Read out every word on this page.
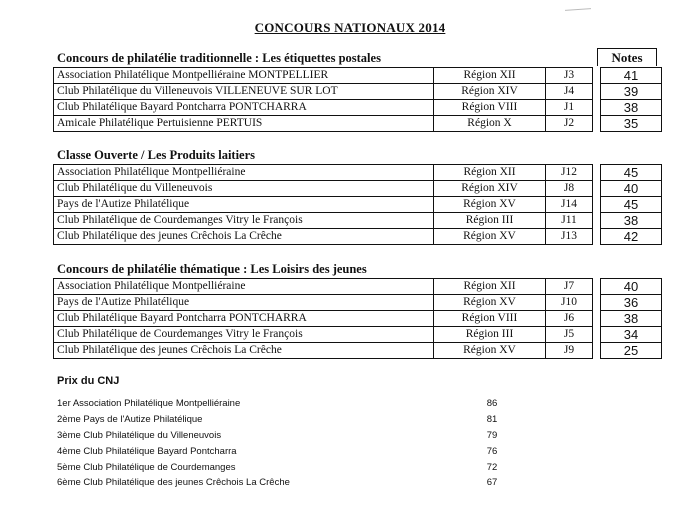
CONCOURS NATIONAUX 2014
Notes
Concours de philatélie traditionnelle : Les étiquettes postales
Association Philatélique Montpelliéraine MONTPELLIER	Région XII	J3		41
Club Philatélique du Villeneuvois VILLENEUVE SUR LOT	Région XIV	J4		39
Club Philatélique Bayard Pontcharra PONTCHARRA	Région VIII	J1		38
Amicale Philatélique Pertuisienne PERTUIS	Région X	J2		35
Classe Ouverte / Les Produits laitiers
Association Philatélique Montpelliéraine	Région XII	J12		45
Club Philatélique du Villeneuvois	Région XIV	J8		40
Pays de l'Autize Philatélique	Région XV	J14		45
Club Philatélique de Courdemanges Vitry le François	Région III	J11		38
Club Philatélique des jeunes Crêchois La Crêche	Région XV	J13		42
Concours de philatélie thématique : Les Loisirs des jeunes
Association Philatélique Montpelliéraine	Région XII	J7		40
Pays de l'Autize Philatélique	Région XV	J10		36
Club Philatélique Bayard Pontcharra PONTCHARRA	Région VIII	J6		38
Club Philatélique de Courdemanges Vitry le François	Région III	J5		34
Club Philatélique des jeunes Crêchois La Crêche	Région XV	J9		25
Prix du CNJ
1er Association Philatélique Montpelliéraine	86
2ème Pays de l'Autize Philatélique	81
3ème Club Philatélique du Villeneuvois	79
4ème Club Philatélique Bayard Pontcharra	76
5ème Club Philatélique de Courdemanges	72
6ème Club Philatélique des jeunes Crêchois La Crêche	67
